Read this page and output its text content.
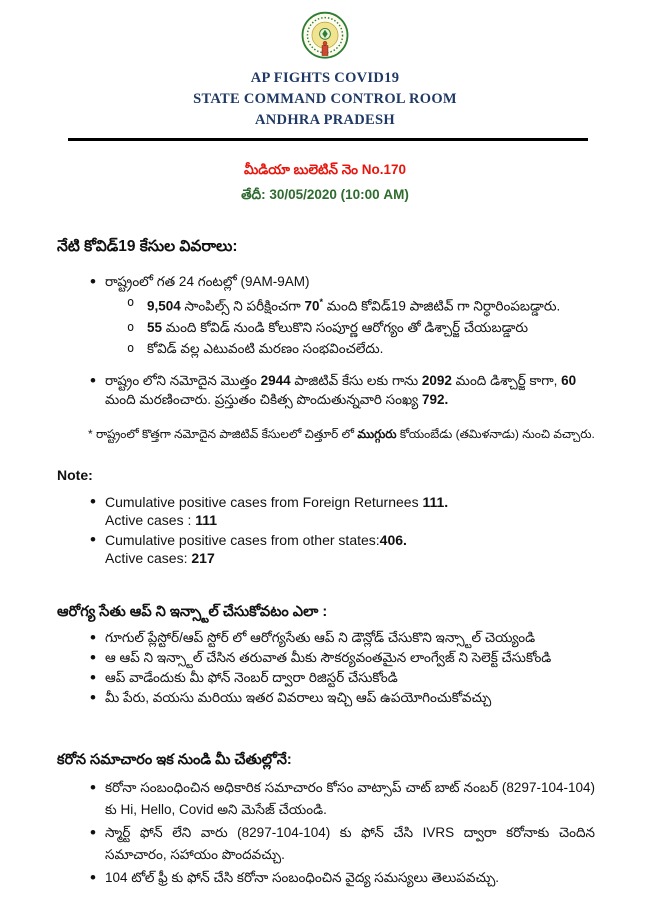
AP FIGHTS COVID19
STATE COMMAND CONTROL ROOM
ANDHRA PRADESH
మీడియా బులెటిన్ నెం No.170
తేదీ: 30/05/2020 (10:00 AM)
నేటి కోవిడ్19 కేసుల వివరాలు:
• రాష్ట్రంలో గత 24 గంటల్లో (9AM-9AM)
o 9,504 సాంపిల్స్ ని పరీక్షించగా 70* మంది కోవిడ్19 పాజిటివ్ గా నిర్ధారింపబడ్డారు.
o 55 మంది కోవిడ్ నుండి కోలుకొని సంపూర్ణ ఆరోగ్యం తో డిశ్చార్జ్ చేయబడ్డారు
o కోవిడ్ వల్ల ఎటువంటి మరణం సంభవించలేదు.
• రాష్ట్రం లోని నమోదైన మొత్తం 2944 పాజిటివ్ కేసు లకు గాను 2092 మంది డిశ్చార్జ్ కాగా, 60 మంది మరణించారు. ప్రస్తుతం చికిత్స పొందుతున్నవారి సంఖ్య 792.
* రాష్ట్రంలో కొత్తగా నమోదైన పాజిటివ్ కేసులలో చిత్తూర్ లో ముగ్గురు కోయంబేడు (తమిళనాడు) నుంచి వచ్చారు.
Note:
• Cumulative positive cases from Foreign Returnees 111.
Active cases : 111
• Cumulative positive cases from other states:406.
Active cases: 217
ఆరోగ్య సేతు ఆప్ ని ఇన్స్టాల్ చేసుకోవటం ఎలా :
• గూగుల్ ప్లేస్టోర్/ఆప్ స్టోర్ లో ఆరోగ్యసేతు ఆప్ ని డౌన్లోడ్ చేసుకొని ఇన్స్టాల్ చెయ్యండి
• ఆ ఆప్ ని ఇన్స్టాల్ చేసిన తరువాత మీకు సౌకర్యవంతమైన లాంగ్వేజ్ ని సెలెక్ట్ చేసుకోండి
• ఆప్ వాడేందుకు మీ ఫోన్ నెంబర్ ద్వారా రిజిస్టర్ చేసుకోండి
• మీ పేరు, వయసు మరియు ఇతర వివరాలు ఇచ్చి ఆప్ ఉపయోగించుకోవచ్చు
కరోన సమాచారం ఇక నుండి మీ చేతుల్లోనే:
• కరోనా సంబంధించిన అధికారిక సమాచారం కోసం వాట్సాప్ చాట్ బాట్ నంబర్ (8297-104-104) కు Hi, Hello, Covid అని మెసేజ్ చేయండి.
• స్మార్ట్ ఫోన్ లేని వారు (8297-104-104) కు ఫోన్ చేసి IVRS ద్వారా కరోనాకు చెందిన సమాచారం, సహాయం పొందవచ్చు.
• 104 టోల్ ఫ్రీ కు ఫోన్ చేసి కరోనా సంబంధించిన వైద్య సమస్యలు తెలుపవచ్చు.
